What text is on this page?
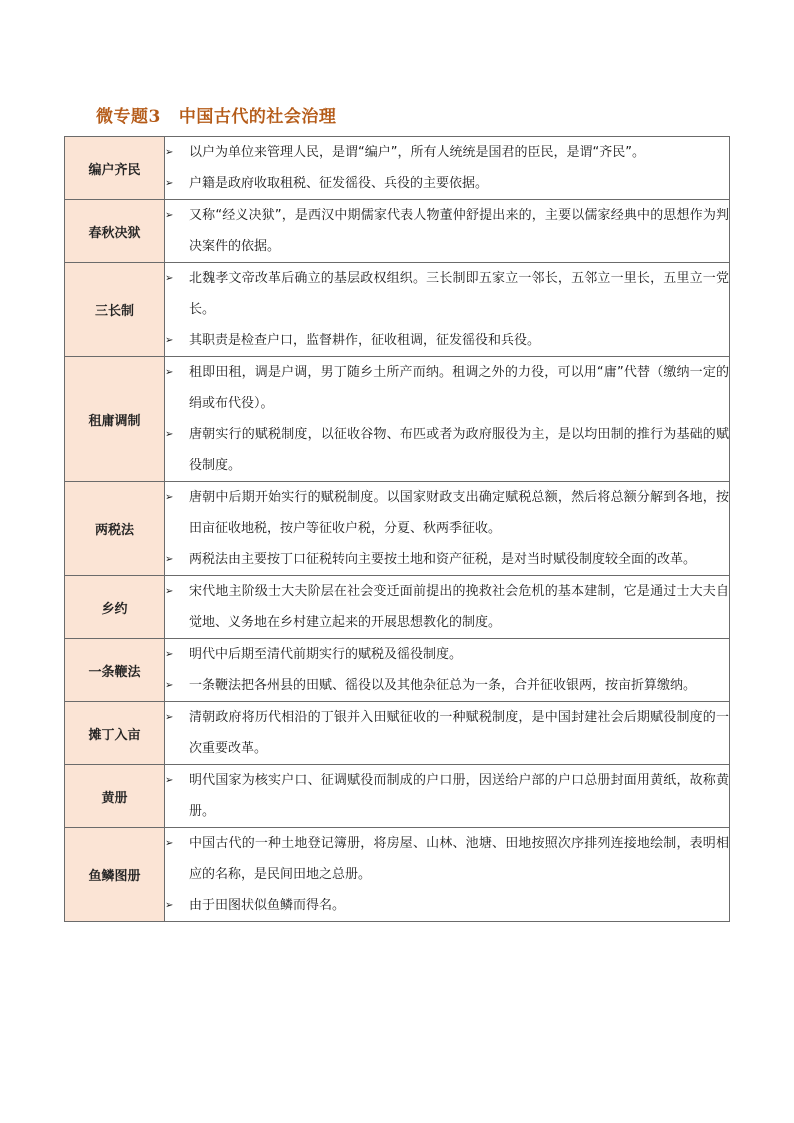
微专题3 中国古代的社会治理
编户齐民	➢ 以户为单位来管理人民，是谓“编户”，所有人统统是国君的臣民，是谓“齐民”。
➢ 户籍是政府收取租税、征发徭役、兵役的主要依据。

春秋决狱	➢ 又称“经义决狱”，是西汉中期儒家代表人物董仲舒提出来的，主要以儒家经典中的思想作为判决案件的依据。

三长制	➢ 北魏孝文帝改革后确立的基层政权组织。三长制即五家立一邻长，五邻立一里长，五里立一党长。
➢ 其职责是检查户口，监督耕作，征收租调，征发徭役和兵役。

租庸调制	➢ 租即田租，调是户调，男丁随乡土所产而纳。租调之外的力役，可以用“庸”代替（缴纳一定的绢或布代役）。
➢ 唐朝实行的赋税制度，以征收谷物、布匹或者为政府服役为主，是以均田制的推行为基础的赋役制度。

两税法	➢ 唐朝中后期开始实行的赋税制度。以国家财政支出确定赋税总额，然后将总额分解到各地，按田亩征收地税，按户等征收户税，分夏、秋两季征收。
➢ 两税法由主要按丁口征税转向主要按土地和资产征税，是对当时赋役制度较全面的改革。

乡约	➢ 宋代地主阶级士大夫阶层在社会变迁面前提出的挽救社会危机的基本建制，它是通过士大夫自觉地、义务地在乡村建立起来的开展思想教化的制度。

一条鞭法	➢ 明代中后期至清代前期实行的赋税及徭役制度。
➢ 一条鞭法把各州县的田赋、徭役以及其他杂征总为一条，合并征收银两，按亩折算缴纳。

摊丁入亩	➢ 清朝政府将历代相沿的丁银并入田赋征收的一种赋税制度，是中国封建社会后期赋役制度的一次重要改革。

黄册	➢ 明代国家为核实户口、征调赋役而制成的户口册，因送给户部的户口总册封面用黄纸，故称黄册。

鱼鳞图册	➢ 中国古代的一种土地登记簿册，将房屋、山林、池塘、田地按照次序排列连接地绘制，表明相应的名称，是民间田地之总册。
➢ 由于田图状似鱼鳞而得名。
